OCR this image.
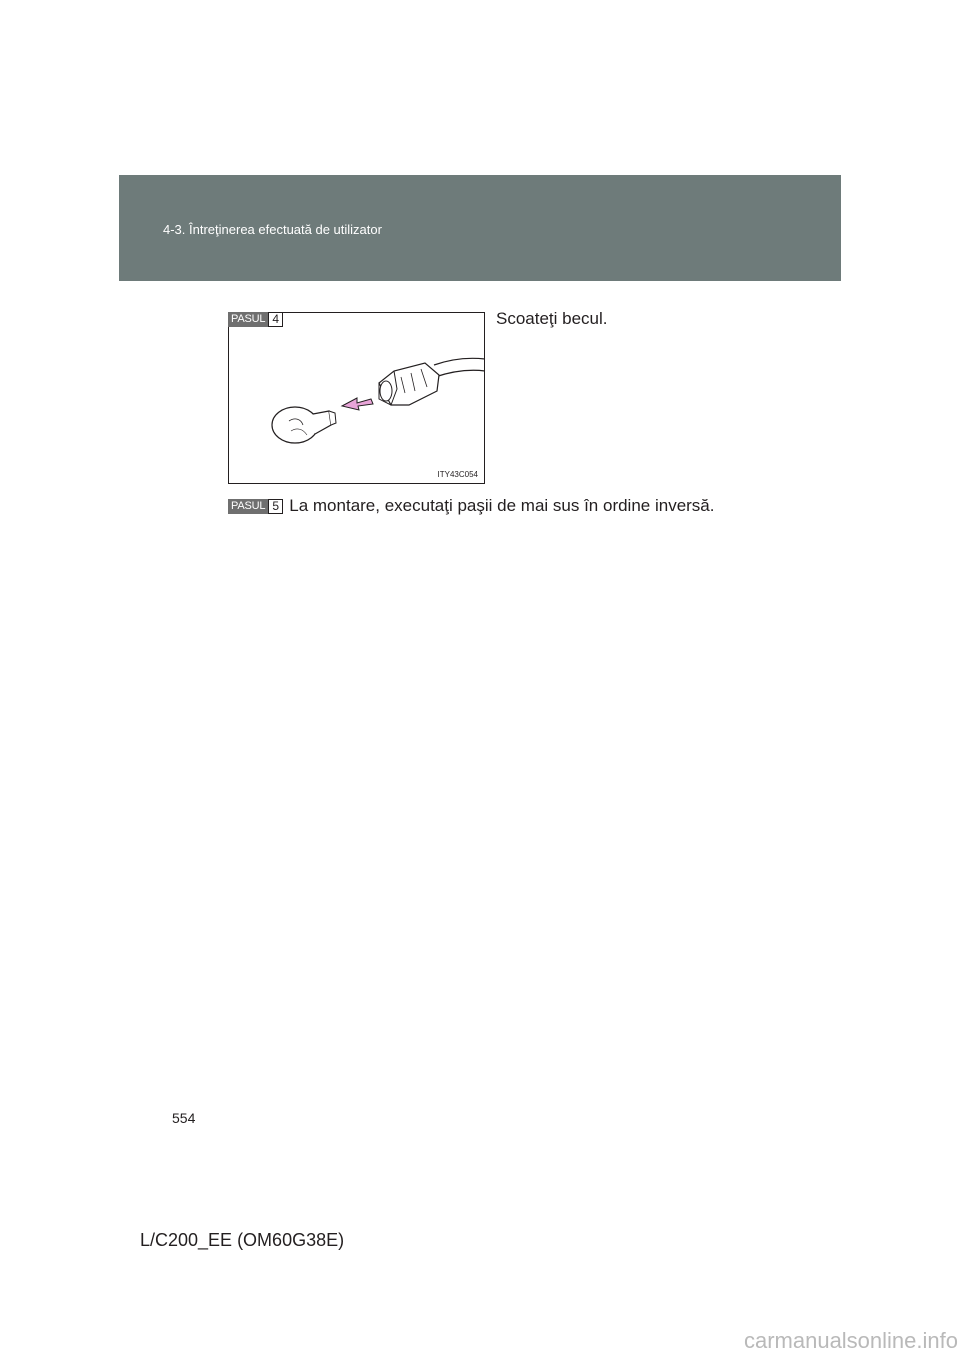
4-3. Întreţinerea efectuată de utilizator
PASUL 4
ITY43C054

Scoateţi becul.

PASUL 5 La montare, executaţi paşii de mai sus în ordine inversă.
554
L/C200_EE (OM60G38E)
carmanualsonline.info
